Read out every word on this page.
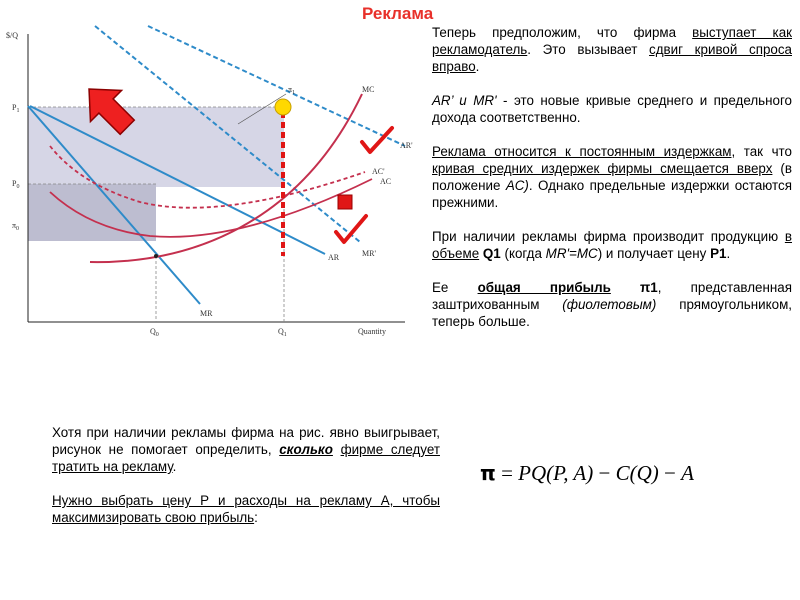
Реклама
$/Q
Quantity
$P_1$
$P_0$
$\pi_0$
$\pi_1$
$Q_0$	$Q_1$
MC
AR'
AC'
AC
MR'
AR
MR

Теперь предположим, что фирма выступает как рекламодатель. Это вызывает сдвиг кривой спроса вправо.

AR’ и MR' - это новые кривые среднего и предельного дохода соответственно.

Реклама относится к постоянным издержкам, так что кривая средних издержек фирмы смещается вверх (в положение AC). Однако предельные издержки остаются прежними.

При наличии рекламы фирма производит продукцию в объеме Q1 (когда MR'=MC) и получает цену P1.

Ее общая прибыль π1, представленная заштрихованным (фиолетовым) прямоугольником, теперь больше.

Хотя при наличии рекламы фирма на рис. явно выигрывает, рисунок не помогает определить, сколько фирме следует тратить на рекламу.

Нужно выбрать цену Р и расходы на рекламу А, чтобы максимизировать свою прибыль:

π = PQ(P, A) − C(Q) − A
